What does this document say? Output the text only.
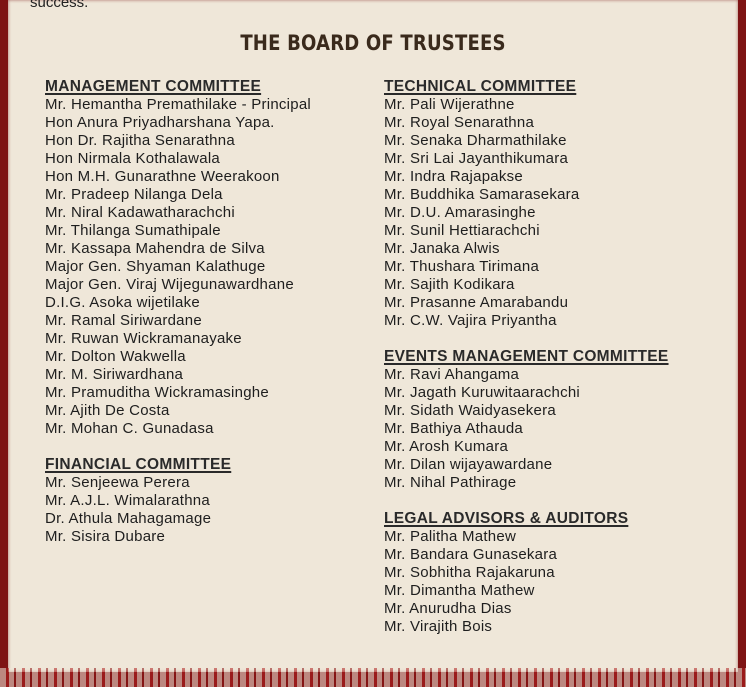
success.
THE BOARD OF TRUSTEES
MANAGEMENT COMMITTEE
Mr. Hemantha Premathilake - Principal
Hon Anura Priyadharshana Yapa.
Hon Dr. Rajitha Senarathna
Hon Nirmala Kothalawala
Hon M.H. Gunarathne Weerakoon
Mr. Pradeep Nilanga Dela
Mr. Niral Kadawatharachchi
Mr. Thilanga Sumathipale
Mr. Kassapa Mahendra de Silva
Major Gen. Shyaman Kalathuge
Major Gen. Viraj Wijegunawardhane
D.I.G. Asoka wijetilake
Mr. Ramal Siriwardane
Mr. Ruwan Wickramanayake
Mr. Dolton Wakwella
Mr. M. Siriwardhana
Mr. Pramuditha Wickramasinghe
Mr. Ajith De Costa
Mr. Mohan C. Gunadasa
FINANCIAL COMMITTEE
Mr. Senjeewa Perera
Mr. A.J.L. Wimalarathna
Dr. Athula Mahagamage
Mr. Sisira Dubare
TECHNICAL COMMITTEE
Mr. Pali Wijerathne
Mr. Royal Senarathna
Mr. Senaka Dharmathilake
Mr. Sri Lai Jayanthikumara
Mr. Indra Rajapakse
Mr. Buddhika Samarasekara
Mr. D.U. Amarasinghe
Mr. Sunil Hettiarachchi
Mr. Janaka Alwis
Mr. Thushara Tirimana
Mr. Sajith Kodikara
Mr. Prasanne Amarabandu
Mr. C.W. Vajira Priyantha
EVENTS MANAGEMENT COMMITTEE
Mr. Ravi Ahangama
Mr. Jagath Kuruwitaarachchi
Mr. Sidath Waidyasekera
Mr. Bathiya Athauda
Mr. Arosh Kumara
Mr. Dilan wijayawardane
Mr. Nihal Pathirage
LEGAL ADVISORS & AUDITORS
Mr. Palitha Mathew
Mr. Bandara Gunasekara
Mr. Sobhitha Rajakaruna
Mr. Dimantha Mathew
Mr. Anurudha Dias
Mr. Virajith Bois
